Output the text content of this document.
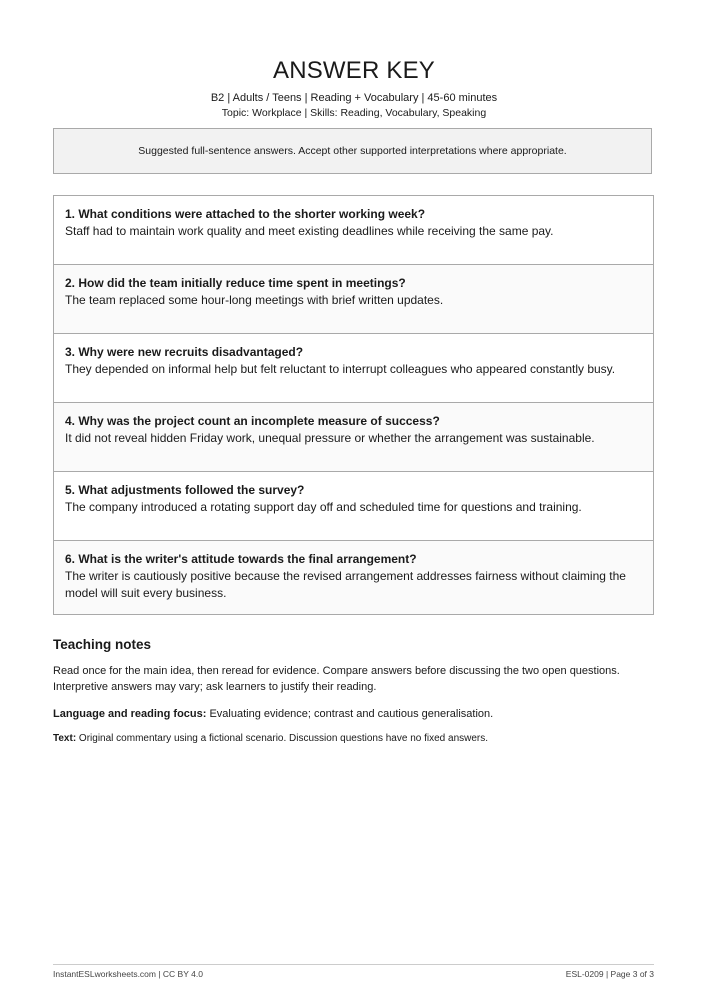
ANSWER KEY
B2 | Adults / Teens | Reading + Vocabulary | 45-60 minutes
Topic: Workplace | Skills: Reading, Vocabulary, Speaking
Suggested full-sentence answers. Accept other supported interpretations where appropriate.

1. What conditions were attached to the shorter working week?

Staff had to maintain work quality and meet existing deadlines while receiving the same pay.

2. How did the team initially reduce time spent in meetings?

The team replaced some hour-long meetings with brief written updates.

3. Why were new recruits disadvantaged?

They depended on informal help but felt reluctant to interrupt colleagues who appeared constantly busy.

4. Why was the project count an incomplete measure of success?

It did not reveal hidden Friday work, unequal pressure or whether the arrangement was sustainable.

5. What adjustments followed the survey?

The company introduced a rotating support day off and scheduled time for questions and training.

6. What is the writer's attitude towards the final arrangement?

The writer is cautiously positive because the revised arrangement addresses fairness without claiming the model will suit every business.

Teaching notes

Read once for the main idea, then reread for evidence. Compare answers before discussing the two open questions. Interpretive answers may vary; ask learners to justify their reading.

Language and reading focus: Evaluating evidence; contrast and cautious generalisation.

Text: Original commentary using a fictional scenario. Discussion questions have no fixed answers.

InstantESLworksheets.com | CC BY 4.0	ESL-0209 | Page 3 of 3
